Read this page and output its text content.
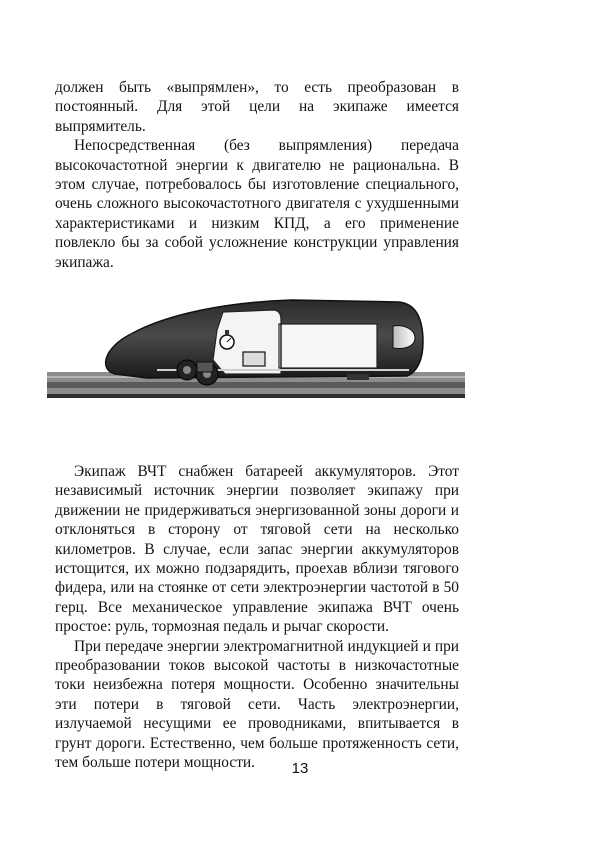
должен быть «выпрямлен», то есть преобразован в постоянный. Для этой цели на экипаже имеется выпрямитель.

Непосредственная (без выпрямления) передача высокочастотной энергии к двигателю не рациональна. В этом случае, потребовалось бы изготовление специального, очень сложного высокочастотного двигателя с ухудшенными характеристиками и низким КПД, а его применение повлекло бы за собой усложнение конструкции управления экипажа.

Экипаж ВЧТ снабжен батареей аккумуляторов. Этот независимый источник энергии позволяет экипажу при движении не придерживаться энергизованной зоны дороги и отклоняться в сторону от тяговой сети на несколько километров. В случае, если запас энергии аккумуляторов истощится, их можно подзарядить, проехав вблизи тягового фидера, или на стоянке от сети электроэнергии частотой в 50 герц. Все механическое управление экипажа ВЧТ очень простое: руль, тормозная педаль и рычаг скорости.

При передаче энергии электромагнитной индукцией и при преобразовании токов высокой частоты в низкочастотные токи неизбежна потеря мощности. Особенно значительны эти потери в тяговой сети. Часть электроэнергии, излучаемой несущими ее проводниками, впитывается в грунт дороги. Естественно, чем больше протяженность сети, тем больше потери мощности.	13
